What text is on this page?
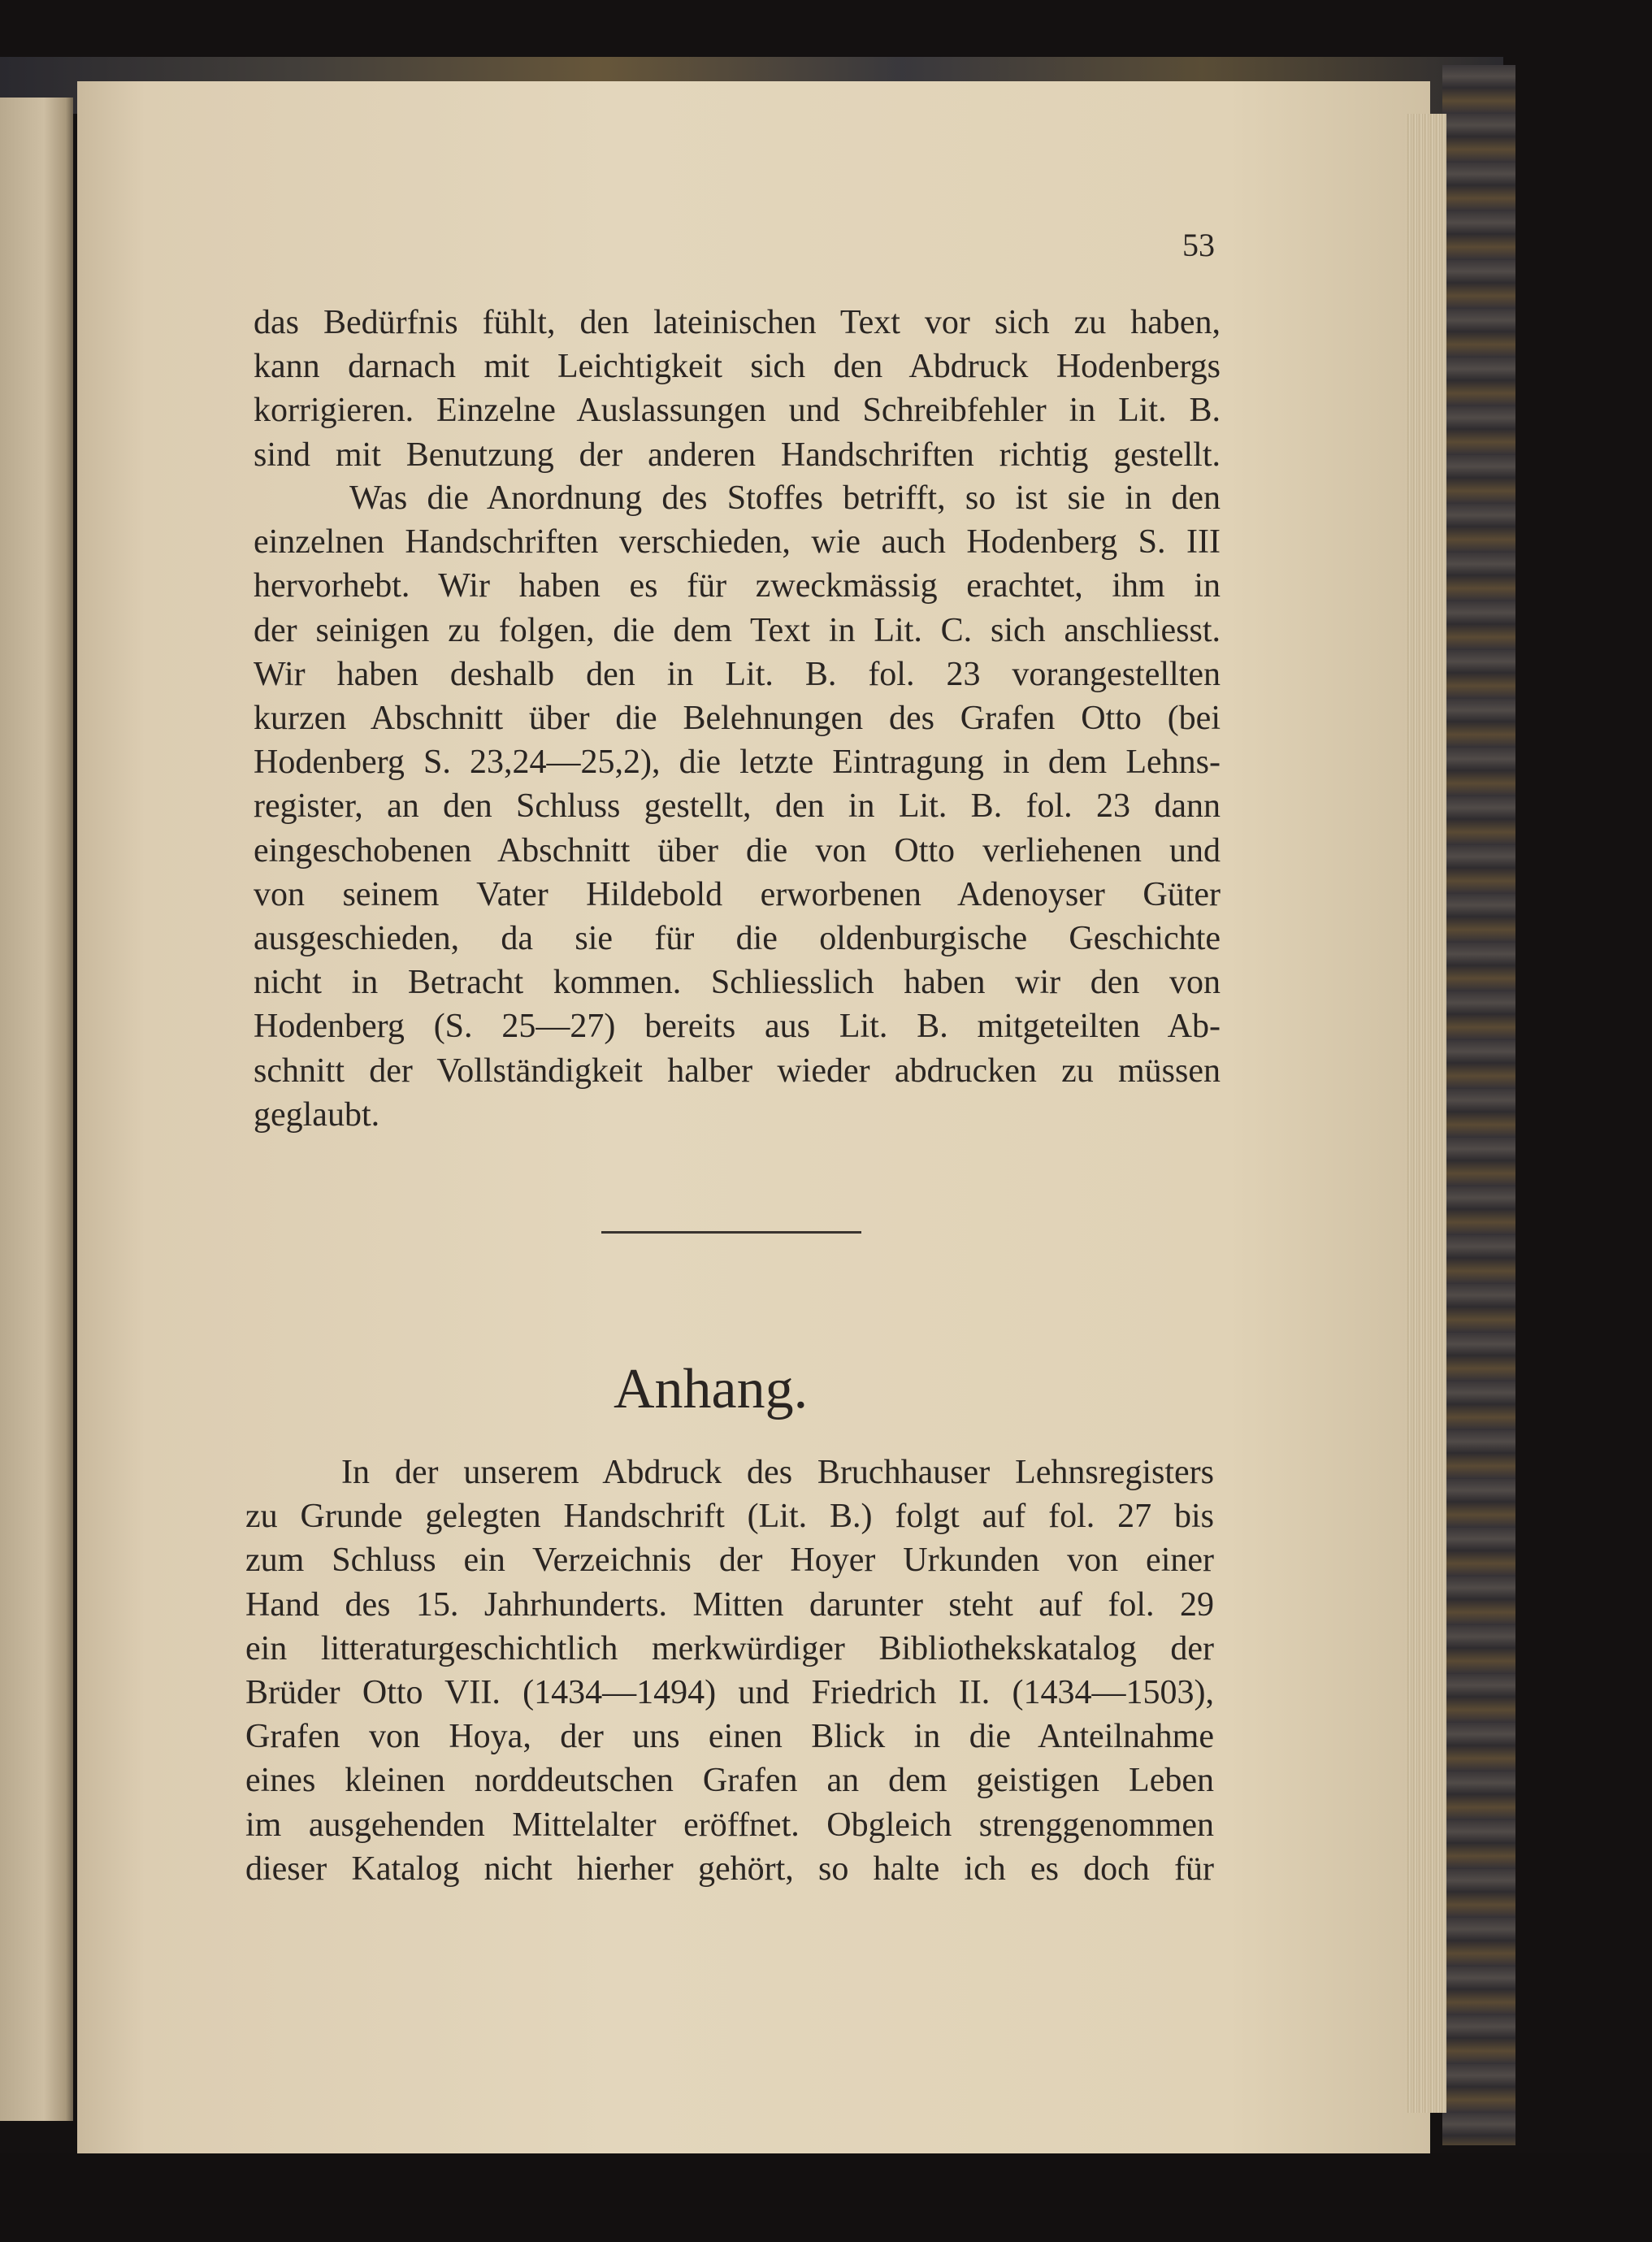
53
das Bedürfnis fühlt, den lateinischen Text vor sich zu haben,
kann darnach mit Leichtigkeit sich den Abdruck Hodenbergs
korrigieren. Einzelne Auslassungen und Schreibfehler in Lit. B.
sind mit Benutzung der anderen Handschriften richtig gestellt.
Was die Anordnung des Stoffes betrifft, so ist sie in den
einzelnen Handschriften verschieden, wie auch Hodenberg S. III
hervorhebt. Wir haben es für zweckmässig erachtet, ihm in
der seinigen zu folgen, die dem Text in Lit. C. sich anschliesst.
Wir haben deshalb den in Lit. B. fol. 23 vorangestellten
kurzen Abschnitt über die Belehnungen des Grafen Otto (bei
Hodenberg S. 23,24—25,2), die letzte Eintragung in dem Lehns-
register, an den Schluss gestellt, den in Lit. B. fol. 23 dann
eingeschobenen Abschnitt über die von Otto verliehenen und
von seinem Vater Hildebold erworbenen Adenoyser Güter
ausgeschieden, da sie für die oldenburgische Geschichte
nicht in Betracht kommen. Schliesslich haben wir den von
Hodenberg (S. 25—27) bereits aus Lit. B. mitgeteilten Ab-
schnitt der Vollständigkeit halber wieder abdrucken zu müssen
geglaubt.
Anhang.
In der unserem Abdruck des Bruchhauser Lehnsregisters
zu Grunde gelegten Handschrift (Lit. B.) folgt auf fol. 27 bis
zum Schluss ein Verzeichnis der Hoyer Urkunden von einer
Hand des 15. Jahrhunderts. Mitten darunter steht auf fol. 29
ein litteraturgeschichtlich merkwürdiger Bibliothekskatalog der
Brüder Otto VII. (1434—1494) und Friedrich II. (1434—1503),
Grafen von Hoya, der uns einen Blick in die Anteilnahme
eines kleinen norddeutschen Grafen an dem geistigen Leben
im ausgehenden Mittelalter eröffnet. Obgleich strenggenommen
dieser Katalog nicht hierher gehört, so halte ich es doch für
